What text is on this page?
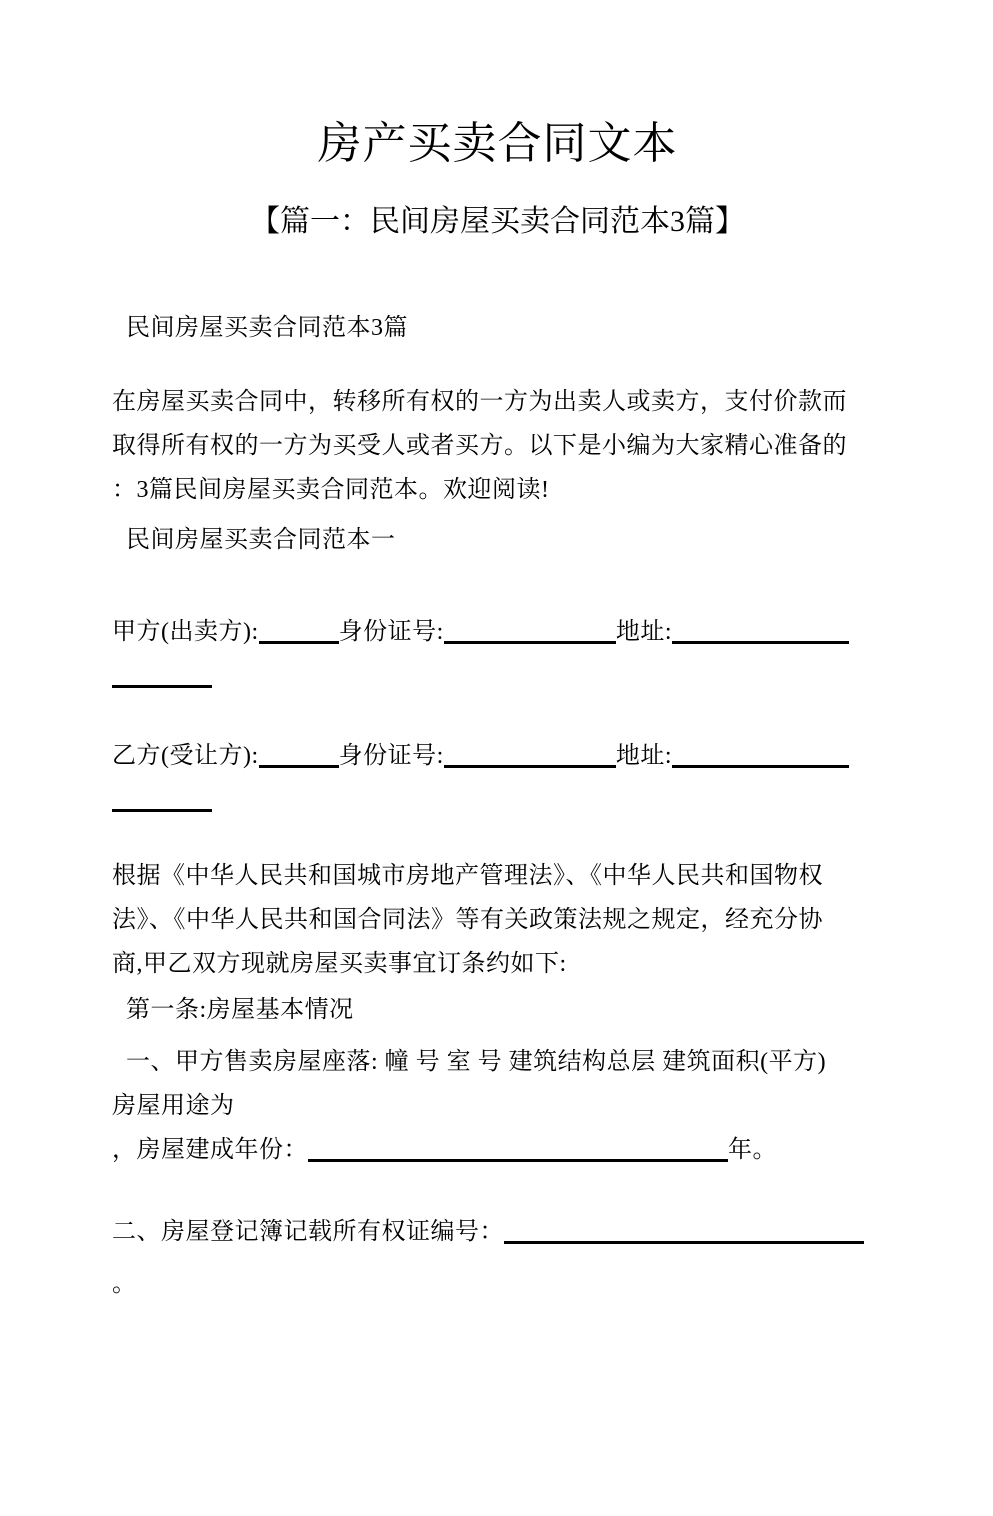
房产买卖合同文本
【篇一：民间房屋买卖合同范本3篇】
民间房屋买卖合同范本3篇
在房屋买卖合同中，转移所有权的一方为出卖人或卖方，支付价款而
取得所有权的一方为买受人或者买方。以下是小编为大家精心准备的
：3篇民间房屋买卖合同范本。欢迎阅读!
民间房屋买卖合同范本一
甲方(出卖方):	身份证号:	地址:
乙方(受让方):	身份证号:	地址:
根据《中华人民共和国城市房地产管理法》、《中华人民共和国物权
法》、《中华人民共和国合同法》等有关政策法规之规定，经充分协
商,甲乙双方现就房屋买卖事宜订条约如下:
第一条:房屋基本情况
一、甲方售卖房屋座落: 幢 号 室 号 建筑结构总层 建筑面积(平方)
房屋用途为
，房屋建成年份：	年。
二、房屋登记簿记载所有权证编号：
。
